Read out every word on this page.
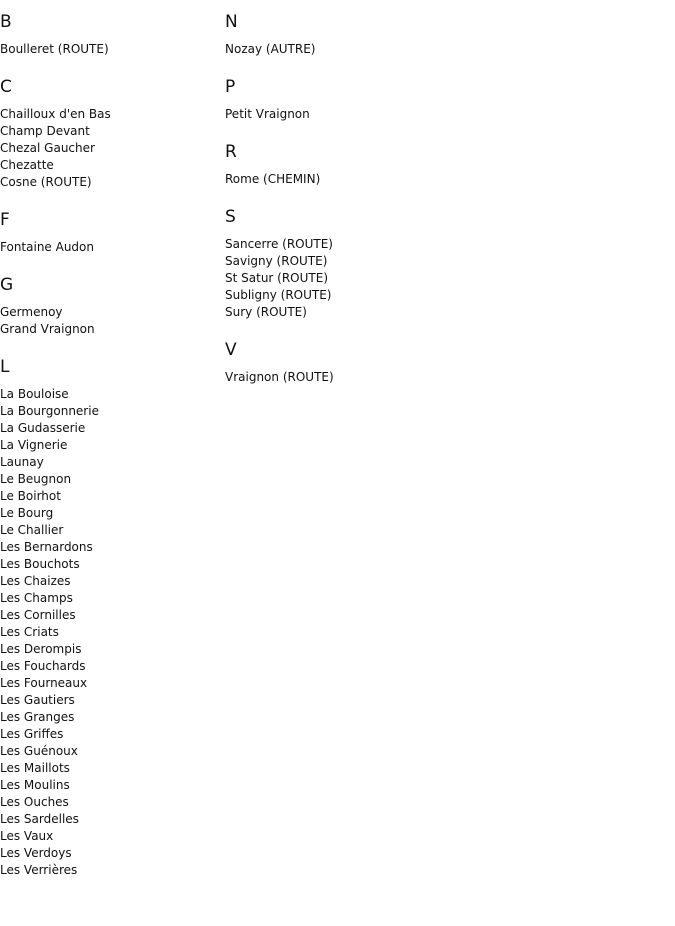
B
Boulleret (ROUTE)
C
Chailloux d'en Bas
Champ Devant
Chezal Gaucher
Chezatte
Cosne (ROUTE)
F
Fontaine Audon
G
Germenoy
Grand Vraignon
L
La Bouloise
La Bourgonnerie
La Gudasserie
La Vignerie
Launay
Le Beugnon
Le Boirhot
Le Bourg
Le Challier
Les Bernardons
Les Bouchots
Les Chaizes
Les Champs
Les Cornilles
Les Criats
Les Derompis
Les Fouchards
Les Fourneaux
Les Gautiers
Les Granges
Les Griffes
Les Guénoux
Les Maillots
Les Moulins
Les Ouches
Les Sardelles
Les Vaux
Les Verdoys
Les Verrières
N
Nozay (AUTRE)
P
Petit Vraignon
R
Rome (CHEMIN)
S
Sancerre (ROUTE)
Savigny (ROUTE)
St Satur (ROUTE)
Subligny (ROUTE)
Sury (ROUTE)
V
Vraignon (ROUTE)
